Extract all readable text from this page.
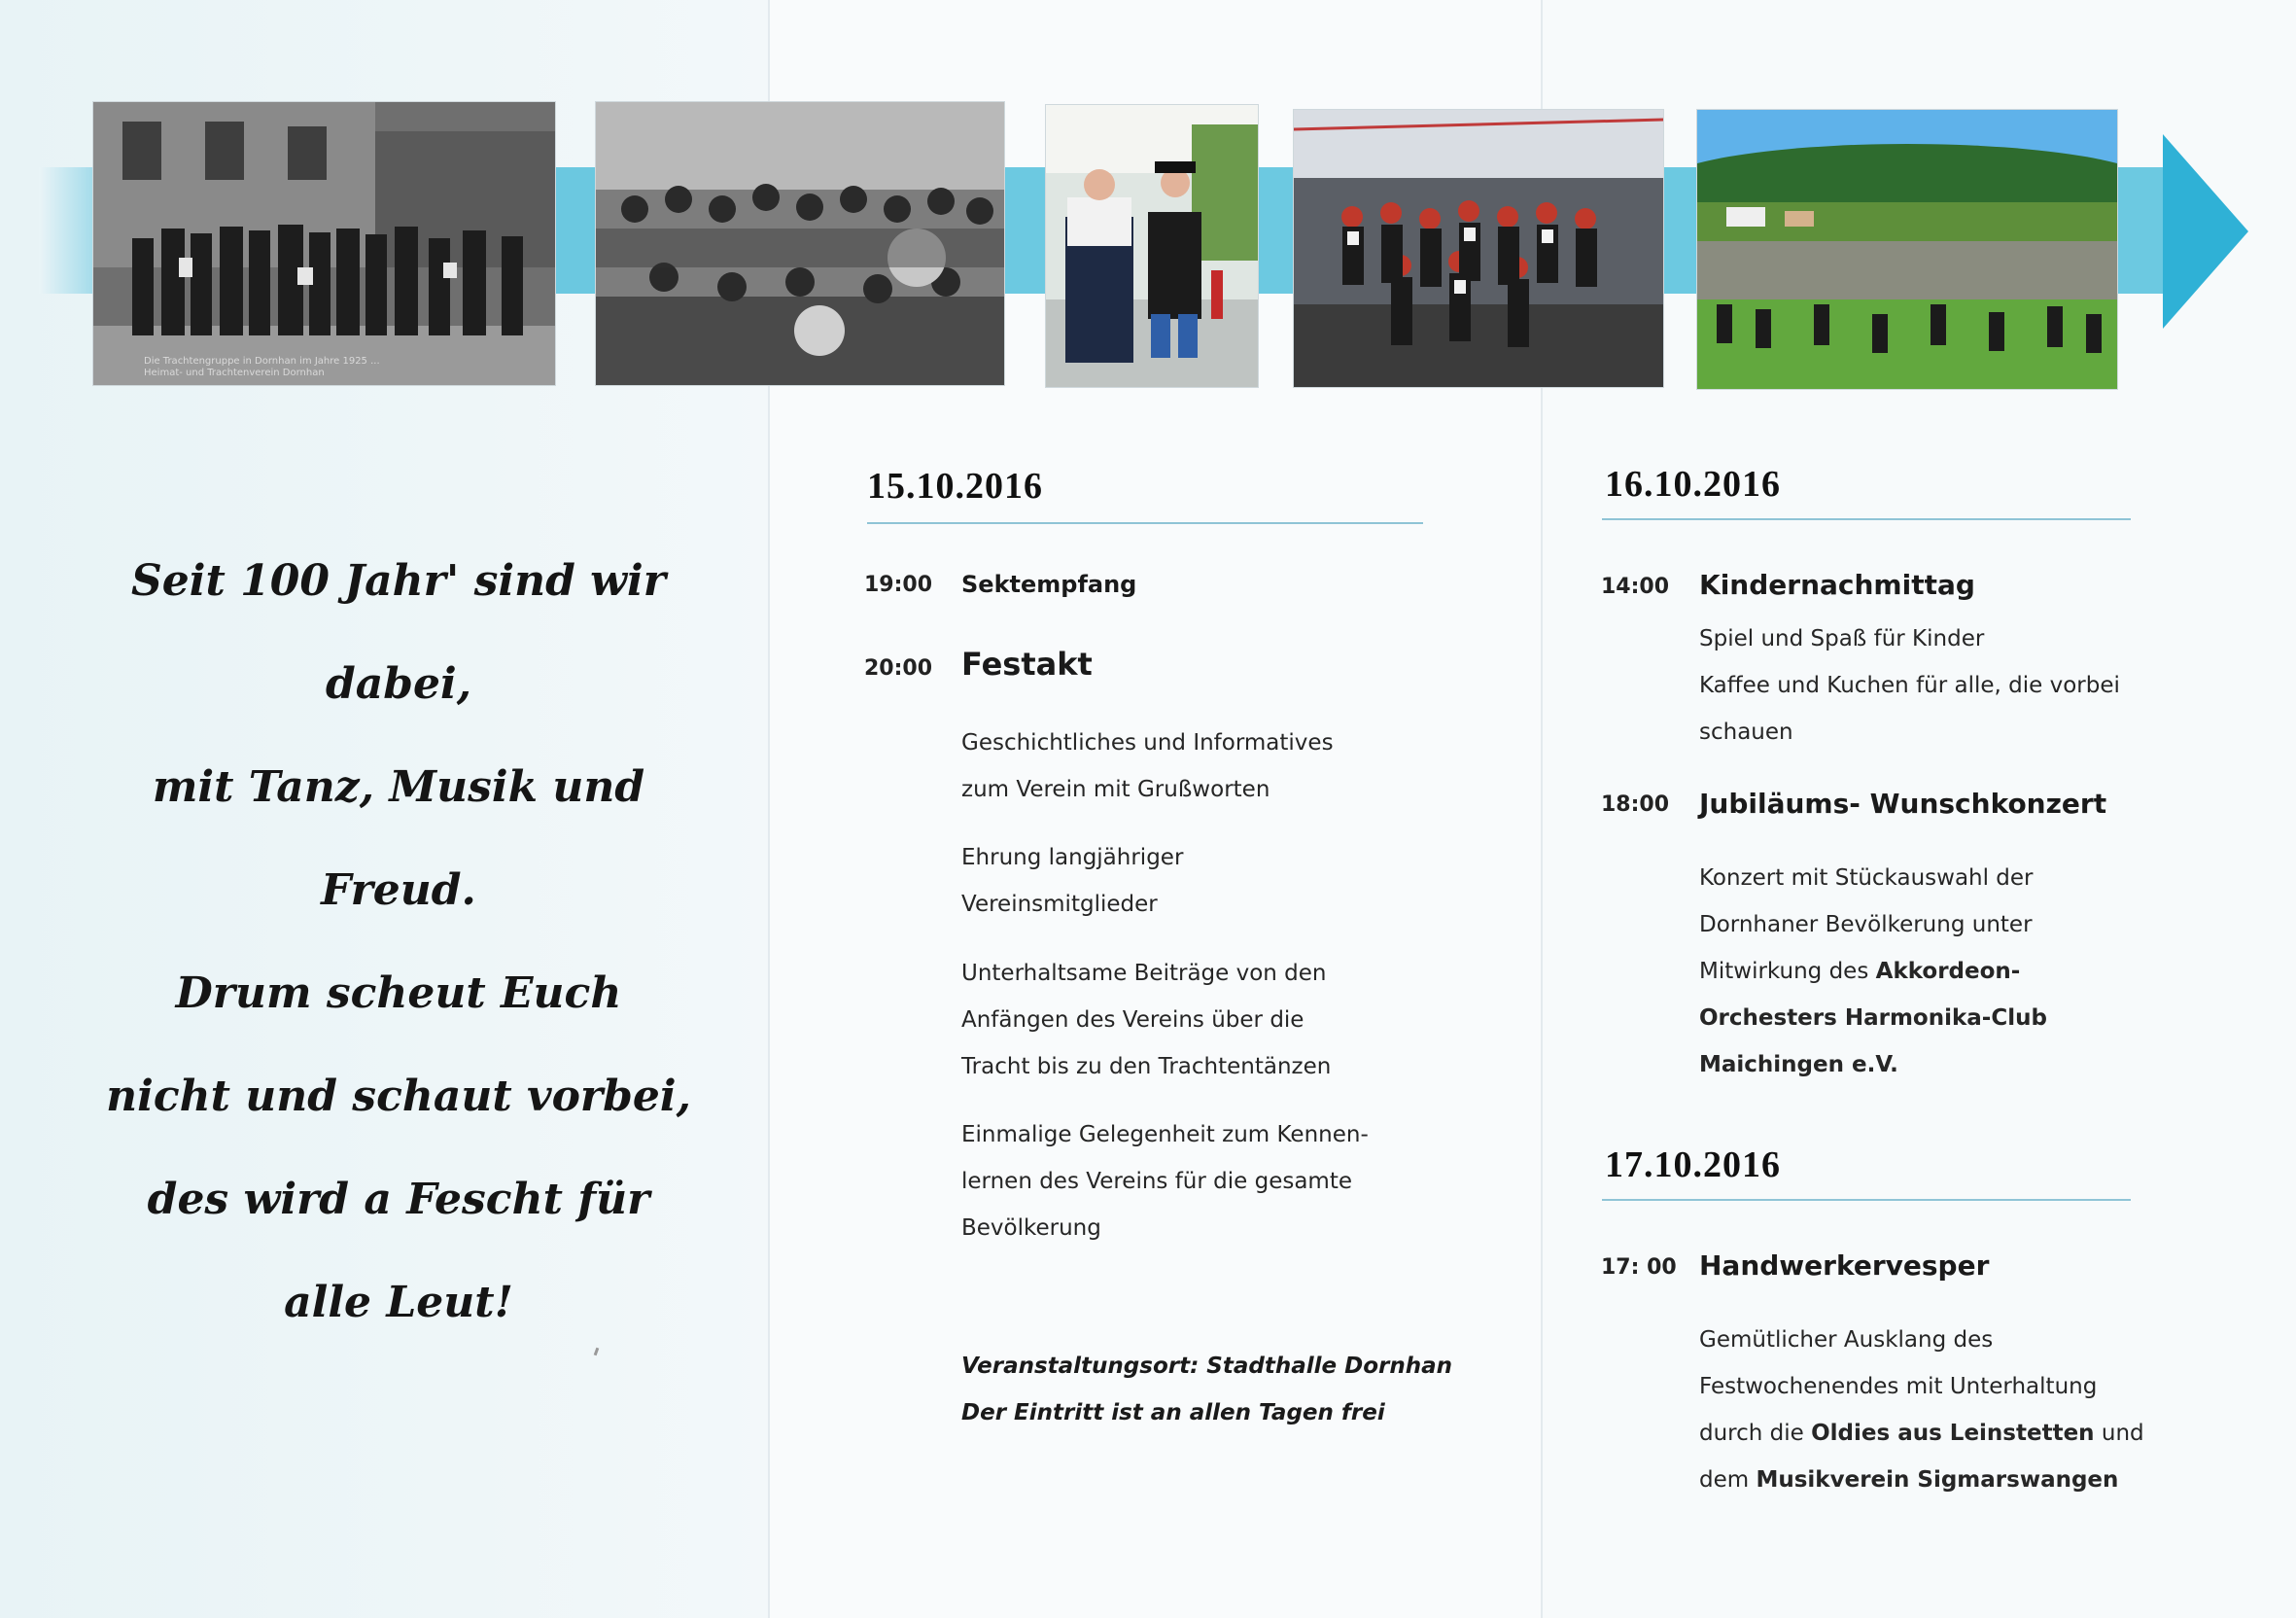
Die Trachtengruppe in Dornhan im Jahre 1925 ...
Heimat- und Trachtenverein Dornhan
Seit 100 Jahr' sind wir
dabei,
mit Tanz, Musik und
Freud.
Drum scheut Euch
nicht und schaut vorbei,
des wird a Fescht für
alle Leut!
15.10.2016
19:00 Sektempfang
20:00 Festakt
Geschichtliches und Informatives
zum Verein mit Grußworten
Ehrung langjähriger
Vereinsmitglieder
Unterhaltsame Beiträge von den
Anfängen des Vereins über die
Tracht bis zu den Trachtentänzen
Einmalige Gelegenheit zum Kennen-
lernen des Vereins für die gesamte
Bevölkerung
Veranstaltungsort: Stadthalle Dornhan
Der Eintritt ist an allen Tagen frei
16.10.2016
14:00 Kindernachmittag
Spiel und Spaß für Kinder
Kaffee und Kuchen für alle, die vorbei
schauen
18:00 Jubiläums- Wunschkonzert
Konzert mit Stückauswahl der
Dornhaner Bevölkerung unter
Mitwirkung des Akkordeon-
Orchesters Harmonika-Club
Maichingen e.V.
17.10.2016
17: 00 Handwerkervesper
Gemütlicher Ausklang des
Festwochenendes mit Unterhaltung
durch die Oldies aus Leinstetten und
dem Musikverein Sigmarswangen
